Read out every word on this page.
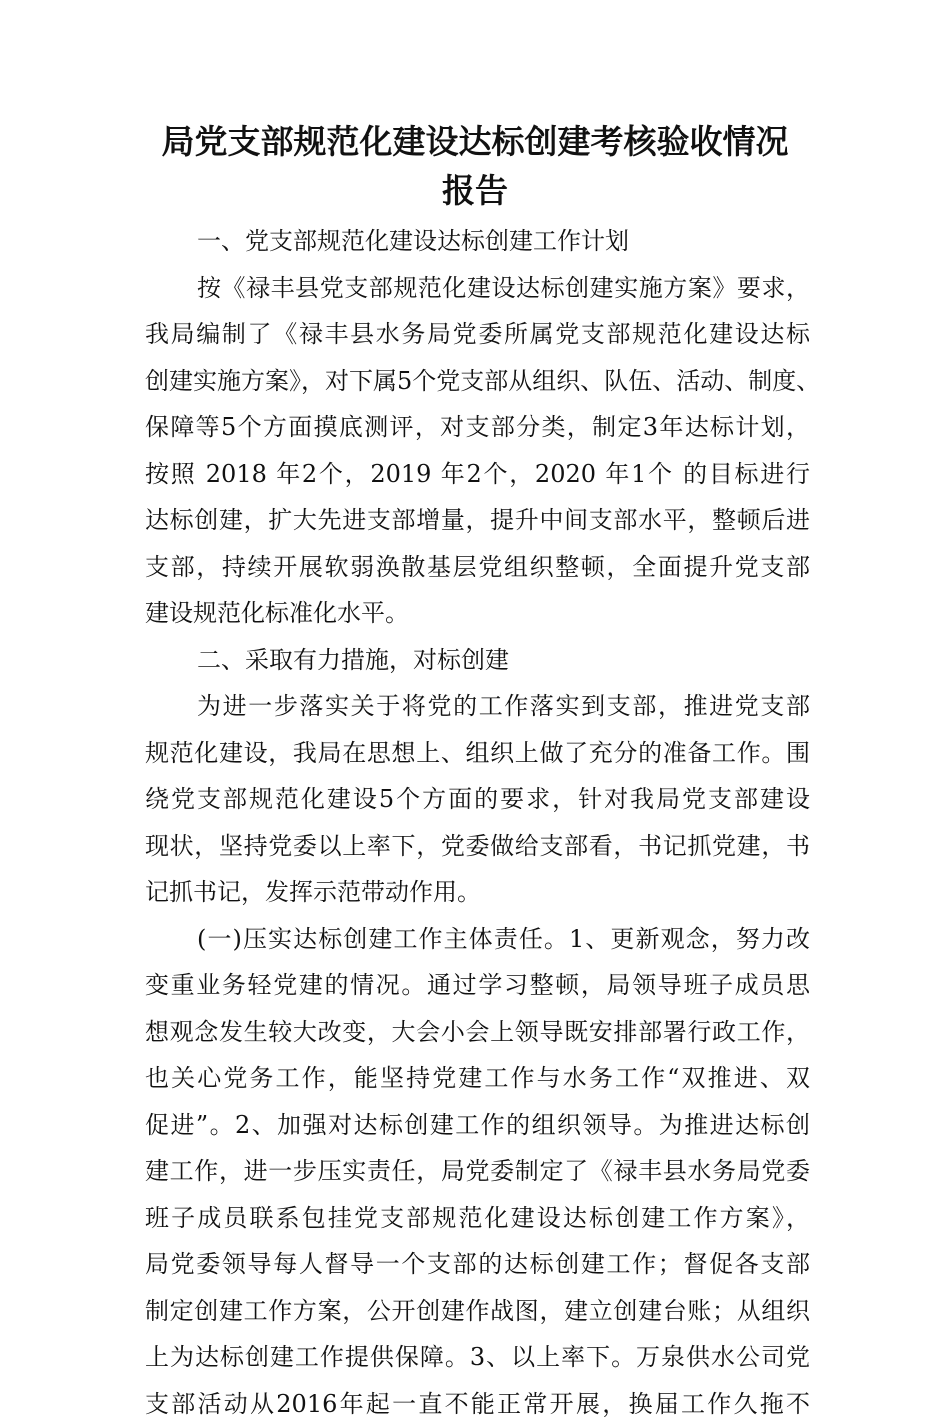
局党支部规范化建设达标创建考核验收情况
报告
一、党支部规范化建设达标创建工作计划
按《禄丰县党支部规范化建设达标创建实施方案》要求，
我局编制了《禄丰县水务局党委所属党支部规范化建设达标
创建实施方案》，对下属5个党支部从组织、队伍、活动、制度、
保障等5个方面摸底测评，对支部分类，制定3年达标计划，
按照 2018 年2个，2019 年2个，2020 年1个 的目标进行
达标创建，扩大先进支部增量，提升中间支部水平，整顿后进
支部，持续开展软弱涣散基层党组织整顿，全面提升党支部
建设规范化标准化水平。
二、采取有力措施，对标创建
为进一步落实关于将党的工作落实到支部，推进党支部
规范化建设，我局在思想上、组织上做了充分的准备工作。围
绕党支部规范化建设5个方面的要求，针对我局党支部建设
现状，坚持党委以上率下，党委做给支部看，书记抓党建，书
记抓书记，发挥示范带动作用。
(一)压实达标创建工作主体责任。1、更新观念，努力改
变重业务轻党建的情况。通过学习整顿，局领导班子成员思
想观念发生较大改变，大会小会上领导既安排部署行政工作，
也关心党务工作，能坚持党建工作与水务工作“双推进、双
促进”。2、加强对达标创建工作的组织领导。为推进达标创
建工作，进一步压实责任，局党委制定了《禄丰县水务局党委
班子成员联系包挂党支部规范化建设达标创建工作方案》，
局党委领导每人督导一个支部的达标创建工作；督促各支部
制定创建工作方案，公开创建作战图，建立创建台账；从组织
上为达标创建工作提供保障。3、以上率下。万泉供水公司党
支部活动从2016年起一直不能正常开展，换届工作久拖不
